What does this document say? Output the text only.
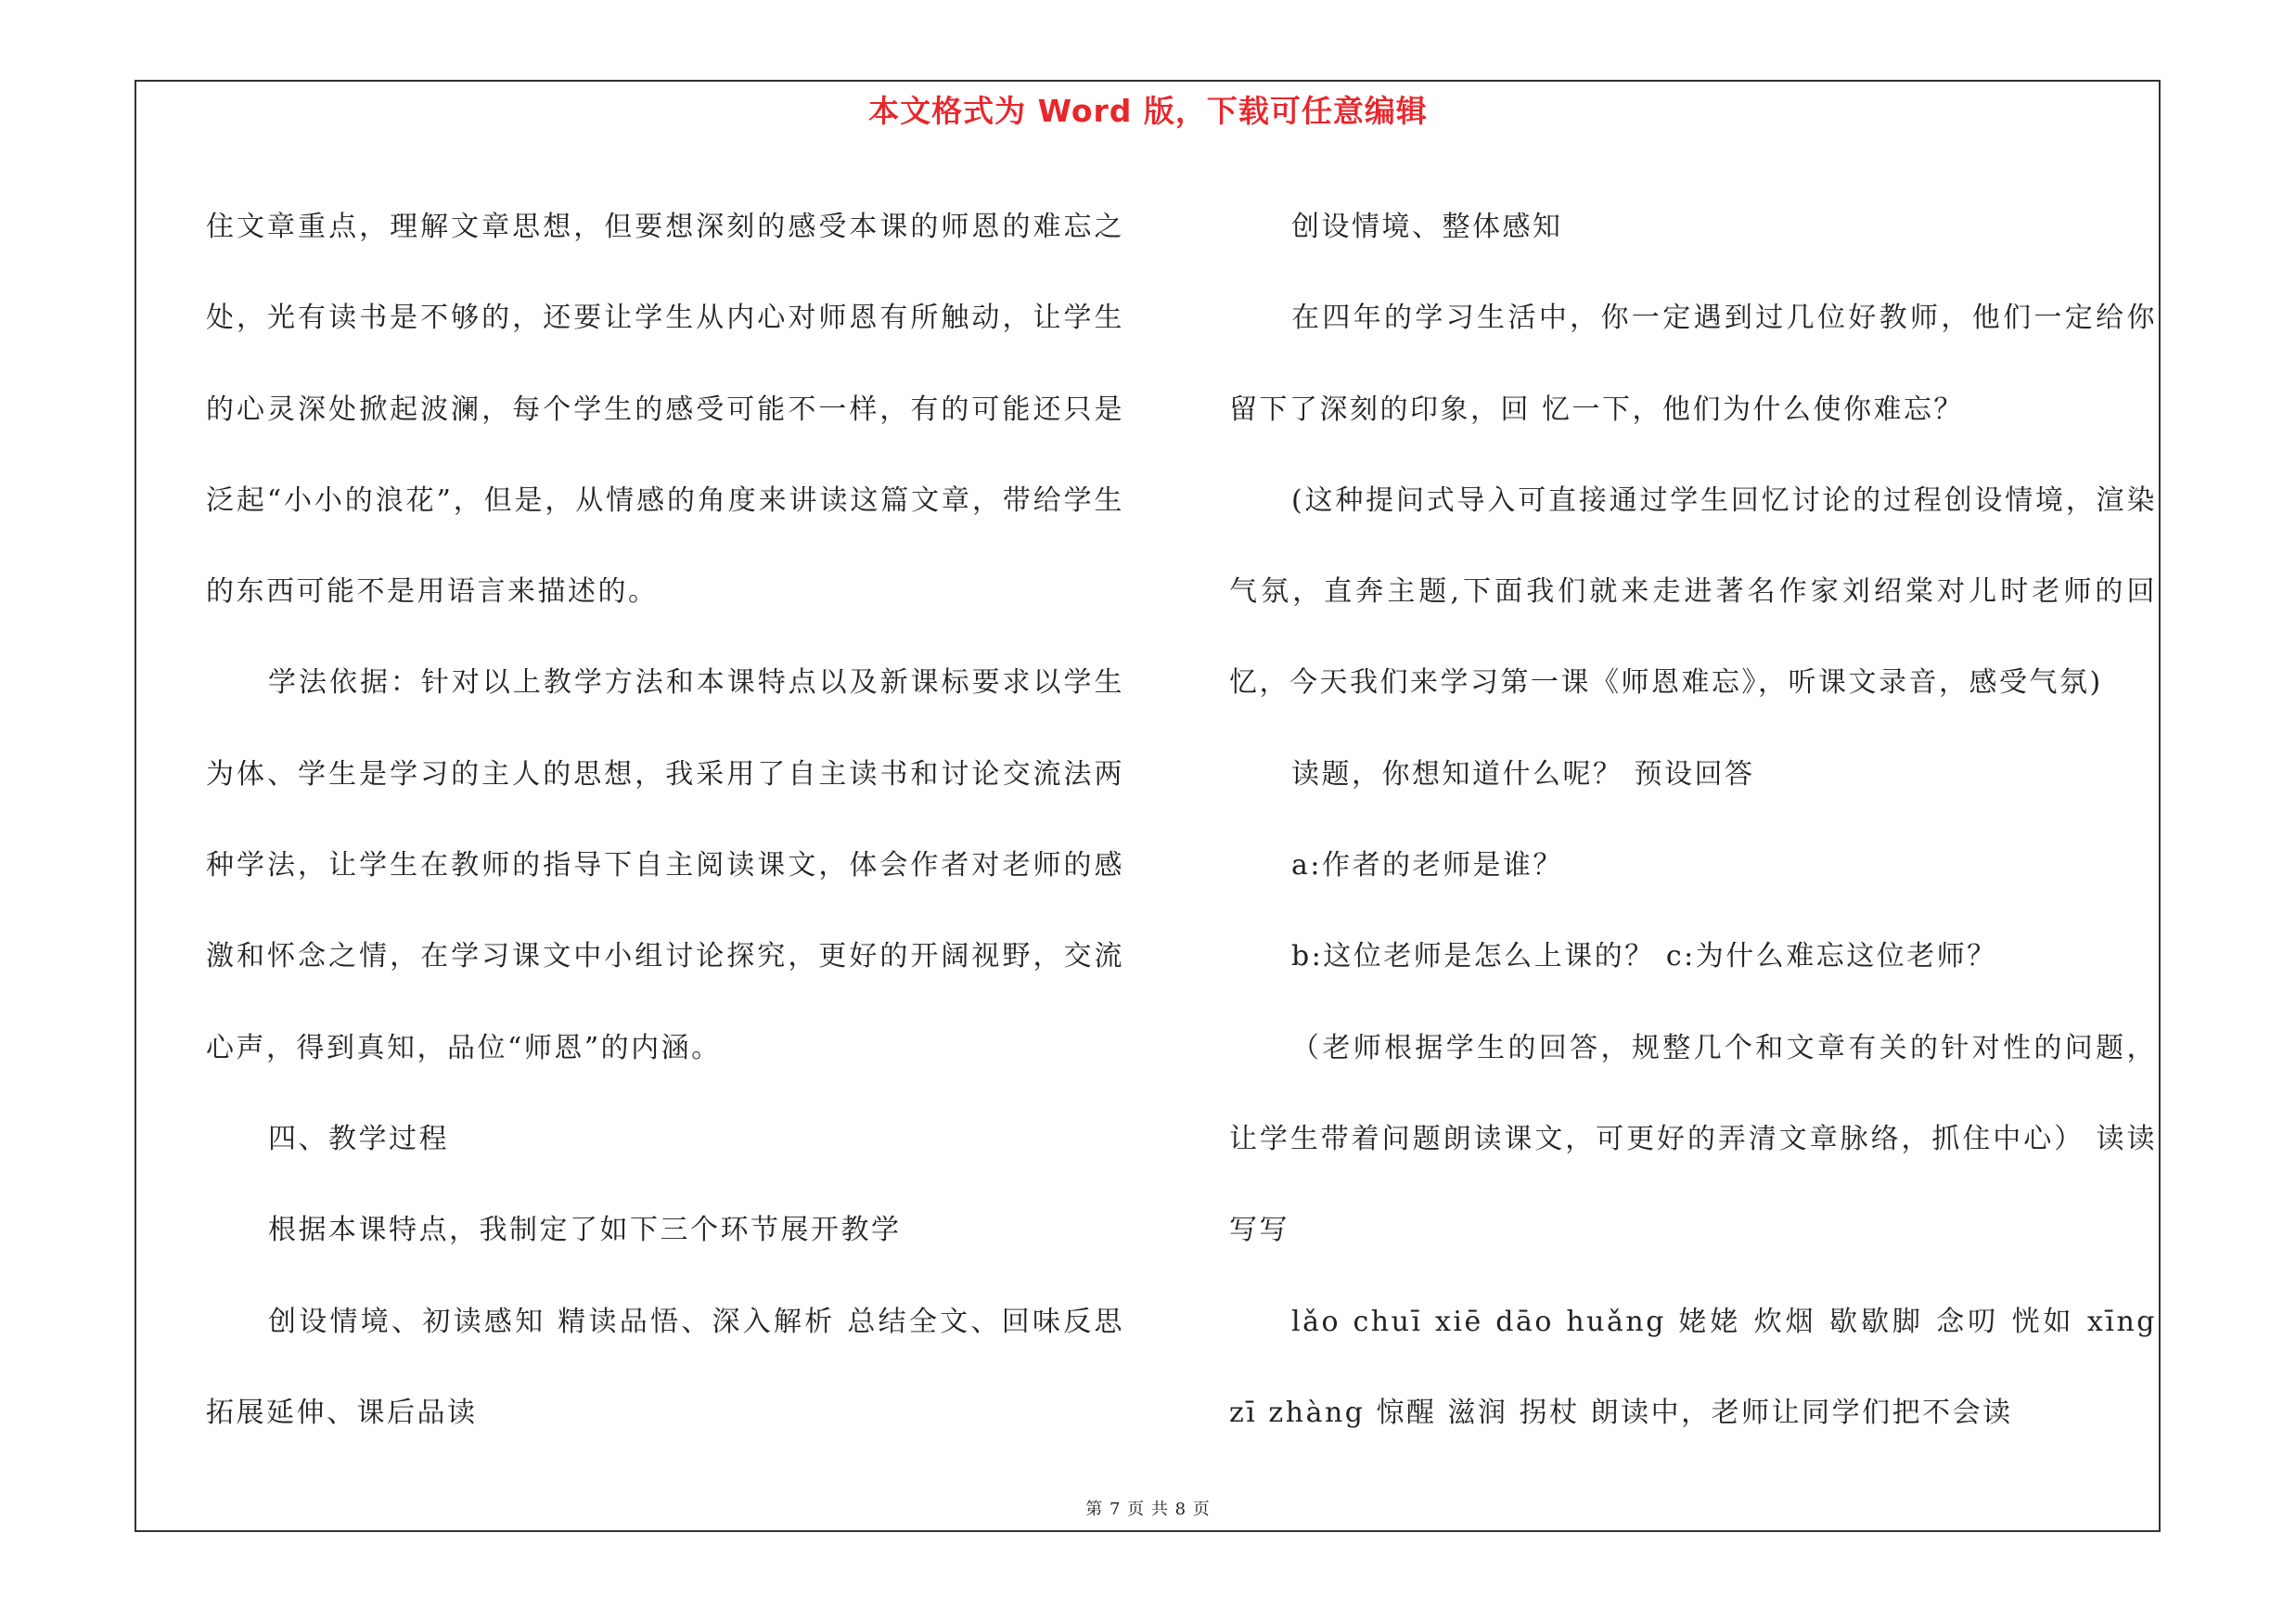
本文格式为 Word 版，下载可任意编辑

住文章重点，理解文章思想，但要想深刻的感受本课的师恩的难忘之处，光有读书是不够的，还要让学生从内心对师恩有所触动，让学生的心灵深处掀起波澜，每个学生的感受可能不一样，有的可能还只是泛起“小小的浪花”，但是，从情感的角度来讲读这篇文章，带给学生的东西可能不是用语言来描述的。

学法依据：针对以上教学方法和本课特点以及新课标要求以学生为体、学生是学习的主人的思想，我采用了自主读书和讨论交流法两种学法，让学生在教师的指导下自主阅读课文，体会作者对老师的感激和怀念之情，在学习课文中小组讨论探究，更好的开阔视野，交流心声，得到真知，品位“师恩”的内涵。

四、教学过程

根据本课特点，我制定了如下三个环节展开教学

创设情境、初读感知 精读品悟、深入解析 总结全文、回味反思拓展延伸、课后品读

创设情境、整体感知

在四年的学习生活中，你一定遇到过几位好教师，他们一定给你留下了深刻的印象，回 忆一下，他们为什么使你难忘？

(这种提问式导入可直接通过学生回忆讨论的过程创设情境，渲染气氛，直奔主题,下面我们就来走进著名作家刘绍棠对儿时老师的回忆，今天我们来学习第一课《师恩难忘》，听课文录音，感受气氛)

读题，你想知道什么呢？ 预设回答

a:作者的老师是谁？

b:这位老师是怎么上课的？ c:为什么难忘这位老师？

（老师根据学生的回答，规整几个和文章有关的针对性的问题，让学生带着问题朗读课文，可更好的弄清文章脉络，抓住中心） 读读写写

lǎo chuī xiē dāo huǎng 姥姥 炊烟 歇歇脚 念叨 恍如 xīng zī zhàng 惊醒 滋润 拐杖 朗读中，老师让同学们把不会读

第 7 页 共 8 页
